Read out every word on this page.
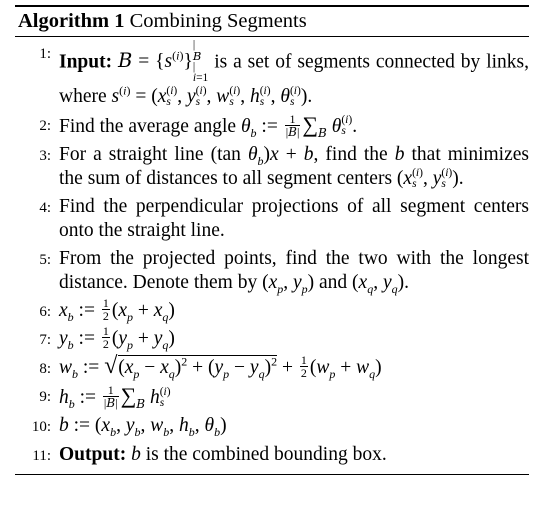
Algorithm 1 Combining Segments
1: Input: $B = \{s^{(i)}\}$
|
B
|
i=1
is a set of segments connected by links, where $s^{(i)} = (x$ (i)
s , y (i)
s , w (i)
s , h (i)
s , θ (i)
s ).
2: Find the average angle $\theta_b$ := $\frac{1}{|B|} \sum_B$ θ (i)
s .
3: For a straight line (tan $\theta_b)x + b$, find the b that minimizes the sum of distances to all segment centers (x (i)
s , y (i)
s ).
4: Find the perpendicular projections of all segment centers onto the straight line.
5: From the projected points, find the two with the longest distance. Denote them by ($x_p$, $y_p$) and ($x_q$, $y_q$).
6: $x_b$ := $\frac{1}{2} (x_p + x_q)$
7: $y_b$ := $\frac{1}{2} (y_p + y_q)$
8: $w_b$ := √ $(x_p - x_q)^2 + (y_p - y_q)^2 + \frac{1}{2} (w_p + w_q)$
9: $h_b$ := $\frac{1}{|B|} \sum_B$ h (i)
s
10: b := ($x_b$, $y_b$, $w_b$, $h_b$, $\theta_b$)
11: Output: b is the combined bounding box.
